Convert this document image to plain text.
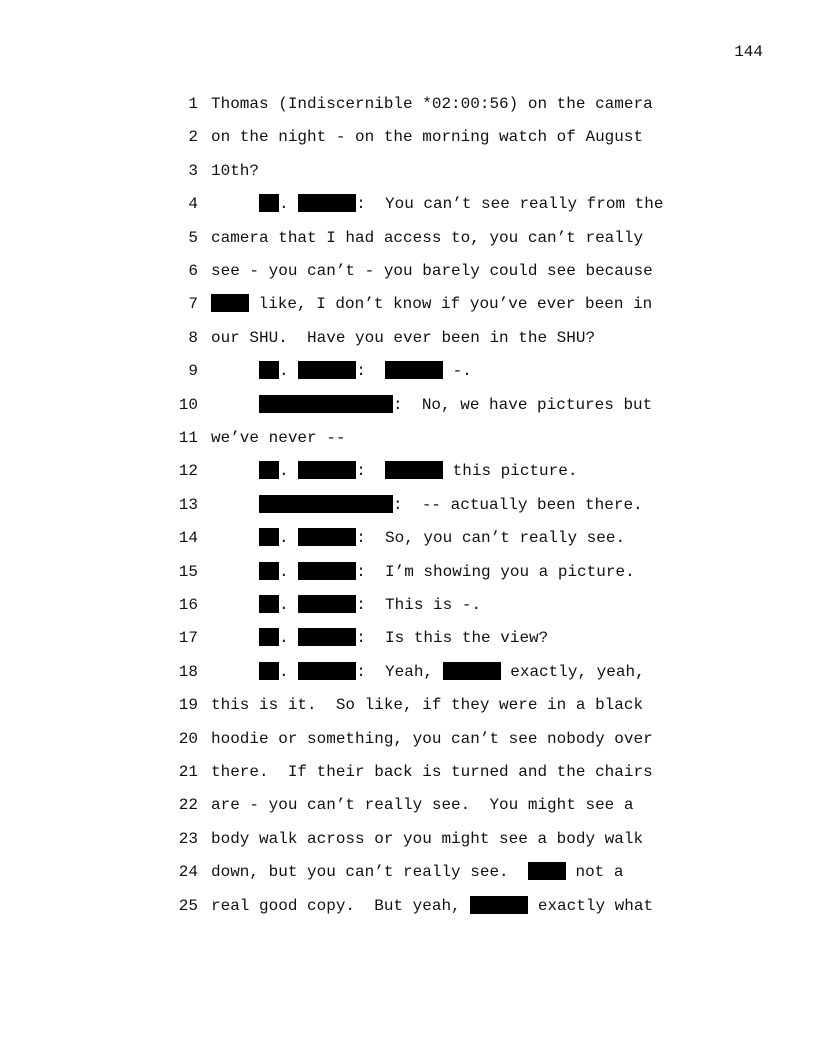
144
1 Thomas (Indiscernible *02:00:56) on the camera
2 on the night - on the morning watch of August
3 10th?
4	.	:  You can’t see really from the
5 camera that I had access to, you can’t really
6 see - you can’t - you barely could see because
7	like, I don’t know if you’ve ever been in
8 our SHU.  Have you ever been in the SHU?
9	.	:	-.
10	:  No, we have pictures but
11 we’ve never --
12	.	:	this picture.
13	:  -- actually been there.
14	.	:  So, you can’t really see.
15	.	:  I’m showing you a picture.
16	.	:  This is -.
17	.	:  Is this the view?
18	.	:  Yeah,	exactly, yeah,
19 this is it.  So like, if they were in a black
20 hoodie or something, you can’t see nobody over
21 there.  If their back is turned and the chairs
22 are - you can’t really see.  You might see a
23 body walk across or you might see a body walk
24 down, but you can’t really see.   not a
25 real good copy.  But yeah,	exactly what
